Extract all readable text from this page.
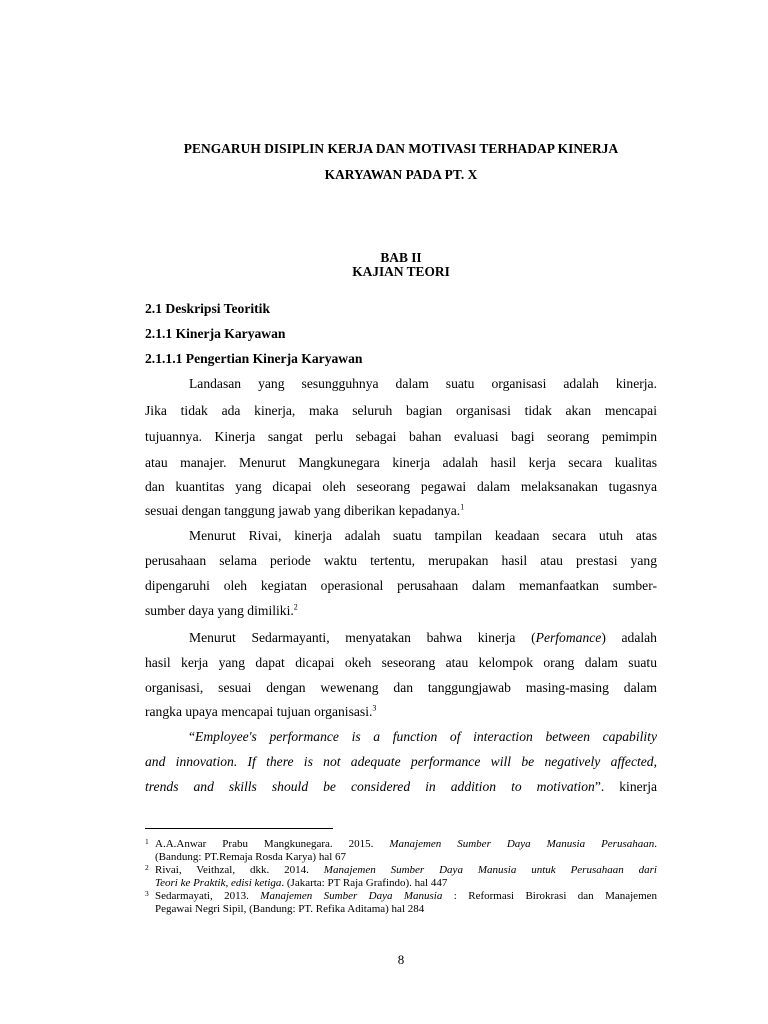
PENGARUH DISIPLIN KERJA DAN MOTIVASI TERHADAP KINERJA
KARYAWAN PADA PT. X
BAB II
KAJIAN TEORI
2.1 Deskripsi Teoritik
2.1.1 Kinerja Karyawan
2.1.1.1 Pengertian Kinerja Karyawan
Landasan yang sesungguhnya dalam suatu organisasi adalah kinerja.
Jika tidak ada kinerja, maka seluruh bagian organisasi tidak akan mencapai
tujuannya. Kinerja sangat perlu sebagai bahan evaluasi bagi seorang pemimpin
atau manajer. Menurut Mangkunegara kinerja adalah hasil kerja secara kualitas
dan kuantitas yang dicapai oleh seseorang pegawai dalam melaksanakan tugasnya
sesuai dengan tanggung jawab yang diberikan kepadanya.$^1$
Menurut Rivai, kinerja adalah suatu tampilan keadaan secara utuh atas
perusahaan selama periode waktu tertentu, merupakan hasil atau prestasi yang
dipengaruhi oleh kegiatan operasional perusahaan dalam memanfaatkan sumber-
sumber daya yang dimiliki.$^2$
Menurut Sedarmayanti, menyatakan bahwa kinerja (Perfomance) adalah
hasil kerja yang dapat dicapai okeh seseorang atau kelompok orang dalam suatu
organisasi, sesuai dengan wewenang dan tanggungjawab masing-masing dalam
rangka upaya mencapai tujuan organisasi.$^3$
“Employee's performance is a function of interaction between capability
and innovation. If there is not adequate performance will be negatively affected,
trends and skills should be considered in addition to motivation”. kinerja
1 A.A.Anwar Prabu Mangkunegara. 2015. Manajemen Sumber Daya Manusia Perusahaan.
(Bandung: PT.Remaja Rosda Karya) hal 67
2 Rivai, Veithzal, dkk. 2014. Manajemen Sumber Daya Manusia untuk Perusahaan dari
Teori ke Praktik, edisi ketiga. (Jakarta: PT Raja Grafindo). hal 447
3 Sedarmayati, 2013. Manajemen Sumber Daya Manusia : Reformasi Birokrasi dan Manajemen
Pegawai Negri Sipil, (Bandung: PT. Refika Aditama) hal 284
8
